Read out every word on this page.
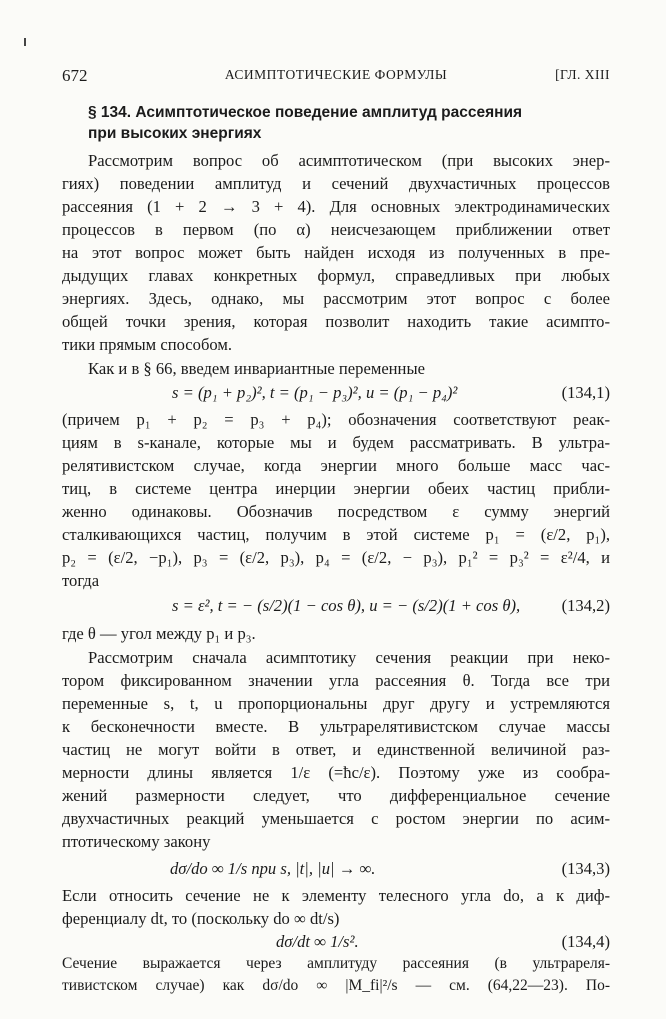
672	АСИМПТОТИЧЕСКИЕ ФОРМУЛЫ	[ГЛ. XIII
§ 134. Асимптотическое поведение амплитуд рассеяния
при высоких энергиях
Рассмотрим вопрос об асимптотическом (при высоких энер-
гиях) поведении амплитуд и сечений двухчастичных процессов
рассеяния (1 + 2 → 3 + 4). Для основных электродинамических
процессов в первом (по α) неисчезающем приближении ответ
на этот вопрос может быть найден исходя из полученных в пре-
дыдущих главах конкретных формул, справедливых при любых
энергиях. Здесь, однако, мы рассмотрим этот вопрос с более
общей точки зрения, которая позволит находить такие асимпто-
тики прямым способом.
Как и в § 66, введем инвариантные переменные
s = (p₁ + p₂)², t = (p₁ − p₃)², u = (p₁ − p₄)²	(134,1)
(причем p₁ + p₂ = p₃ + p₄); обозначения соответствуют реак-
циям в s-канале, которые мы и будем рассматривать. В ультра-
релятивистском случае, когда энергии много больше масс час-
тиц, в системе центра инерции энергии обеих частиц прибли-
женно одинаковы. Обозначив посредством ε сумму энергий
сталкивающихся частиц, получим в этой системе p₁ = (ε/2, p₁),
p₂ = (ε/2, −p₁), p₃ = (ε/2, p₃), p₄ = (ε/2, − p₃), p₁² = p₃² = ε²/4, и
тогда
s = ε², t = − (s/2)(1 − cos θ), u = − (s/2)(1 + cos θ), (134,2)
где θ — угол между p₁ и p₃.
Рассмотрим сначала асимптотику сечения реакции при неко-
тором фиксированном значении угла рассеяния θ. Тогда все три
переменные s, t, u пропорциональны друг другу и устремляются
к бесконечности вместе. В ультрарелятивистском случае массы
частиц не могут войти в ответ, и единственной величиной раз-
мерности длины является 1/ε (=ħc/ε). Поэтому уже из сообра-
жений размерности следует, что дифференциальное сечение
двухчастичных реакций уменьшается с ростом энергии по асим-
птотическому закону
dσ/do ∞ 1/s при s, |t|, |u| → ∞.	(134,3)
Если относить сечение не к элементу телесного угла do, а к диф-
ференциалу dt, то (поскольку do ∞ dt/s)
dσ/dt ∞ 1/s².	(134,4)
Сечение выражается через амплитуду рассеяния (в ультрареля-
тивистском случае) как dσ/do ∞ |M_fi|²/s — см. (64,22—23). По-
